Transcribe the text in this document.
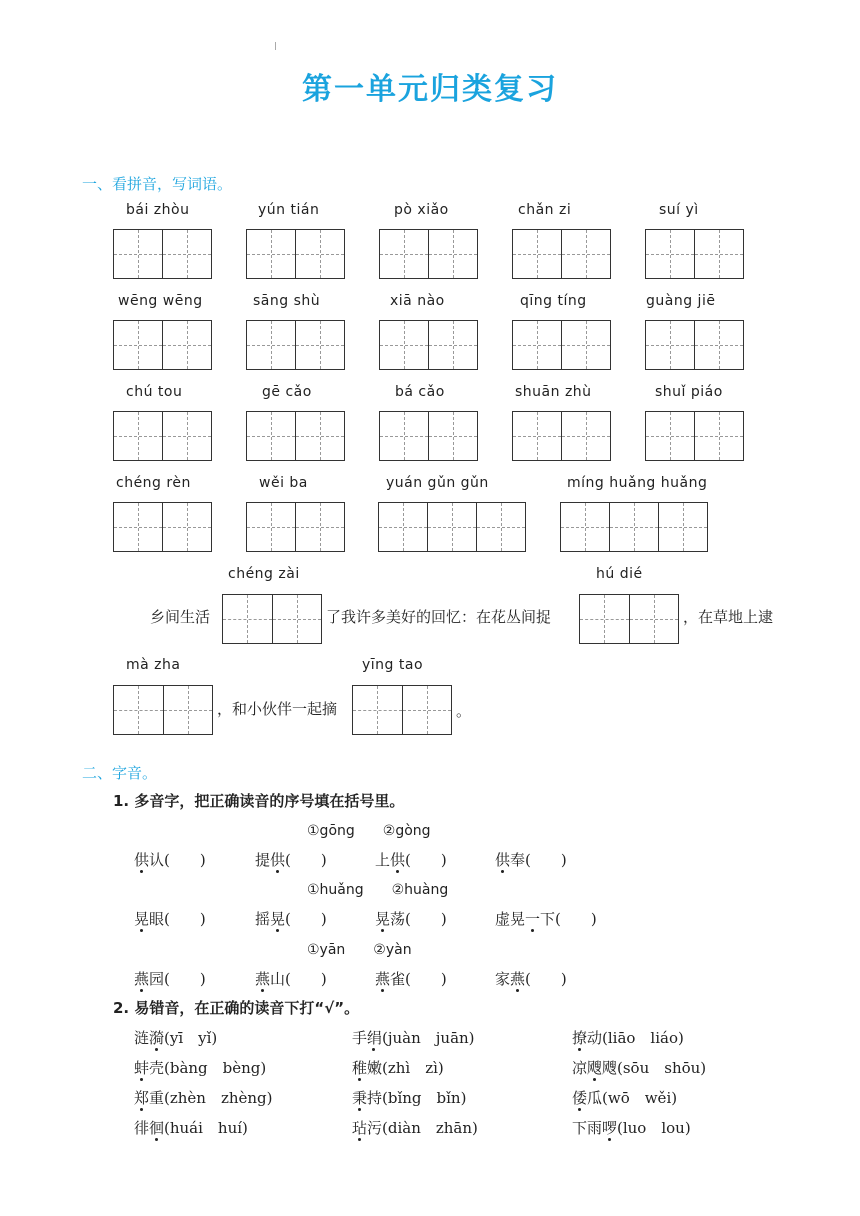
第一单元归类复习
一、看拼音，写词语。
bái zhòu	yún tián	pò xiǎo	chǎn zi	suí yì
wēng wēng	sāng shù	xiā nào	qīng tíng	guàng jiē
chú tou	gē cǎo	bá cǎo	shuān zhù	shuǐ piáo
chéng rèn	wěi ba	yuán gǔn gǔn	míng huǎng huǎng
chéng zài	hú dié
乡间生活	了我许多美好的回忆：在花丛间捉	，在草地上逮
mà zha	yīng tao
，和小伙伴一起摘	。
二、字音。
1. 多音字，把正确读音的序号填在括号里。
①gōng　　②gòng
供认(　　)	提供(　　)	上供(　　)	供奉(　　)
①huǎng　　②huàng
晃眼(　　)	摇晃(　　)	晃荡(　　)	虚晃一下(　　)
①yān　　②yàn
燕园(　　)	燕山(　　)	燕雀(　　)	家燕(　　)
2. 易错音，在正确的读音下打“√”。
涟漪(yī　yǐ)	手绢(juàn　juān)	撩动(liāo　liáo)
蚌壳(bàng　bèng)	稚嫩(zhì　zì)	凉飕飕(sōu　shōu)
郑重(zhèn　zhèng)	秉持(bǐng　bǐn)	倭瓜(wō　wěi)
徘徊(huái　huí)	玷污(diàn　zhān)	下雨啰(luo　lou)
